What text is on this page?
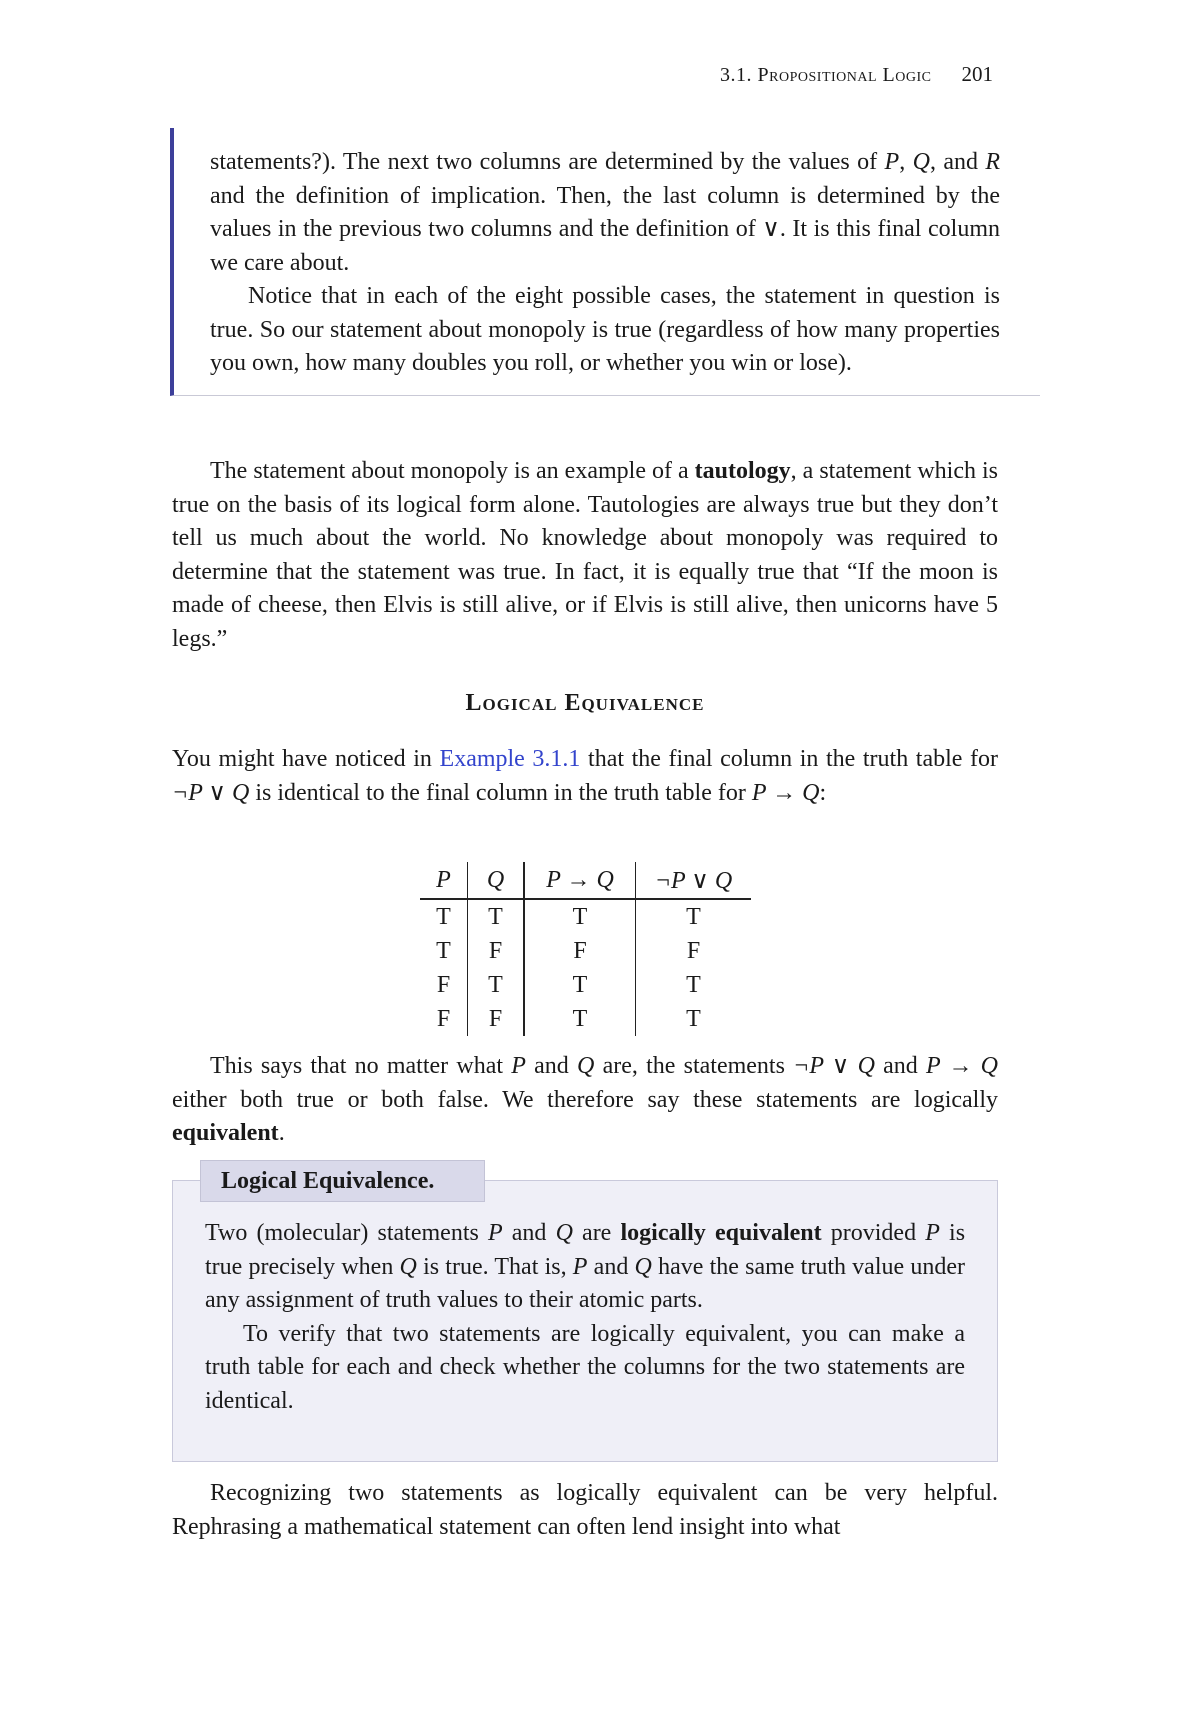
3.1. Propositional Logic 201

statements?). The next two columns are determined by the values of P, Q, and R and the definition of implication. Then, the last column is determined by the values in the previous two columns and the definition of ∨. It is this final column we care about.

Notice that in each of the eight possible cases, the statement in question is true. So our statement about monopoly is true (regardless of how many properties you own, how many doubles you roll, or whether you win or lose).

The statement about monopoly is an example of a tautology, a statement which is true on the basis of its logical form alone. Tautologies are always true but they don’t tell us much about the world. No knowledge about monopoly was required to determine that the statement was true. In fact, it is equally true that “If the moon is made of cheese, then Elvis is still alive, or if Elvis is still alive, then unicorns have 5 legs.”

Logical Equivalence

You might have noticed in Example 3.1.1 that the final column in the truth table for ¬P ∨ Q is identical to the final column in the truth table for P → Q:

P	Q	P → Q	¬P ∨ Q
T	T	T	T
T	F	F	F
F	T	T	T
F	F	T	T

This says that no matter what P and Q are, the statements ¬P ∨ Q and P → Q either both true or both false. We therefore say these statements are logically equivalent.

Two (molecular) statements P and Q are logically equivalent provided P is true precisely when Q is true. That is, P and Q have the same truth value under any assignment of truth values to their atomic parts.

To verify that two statements are logically equivalent, you can make a truth table for each and check whether the columns for the two statements are identical.

Logical Equivalence.

Recognizing two statements as logically equivalent can be very helpful. Rephrasing a mathematical statement can often lend insight into what
